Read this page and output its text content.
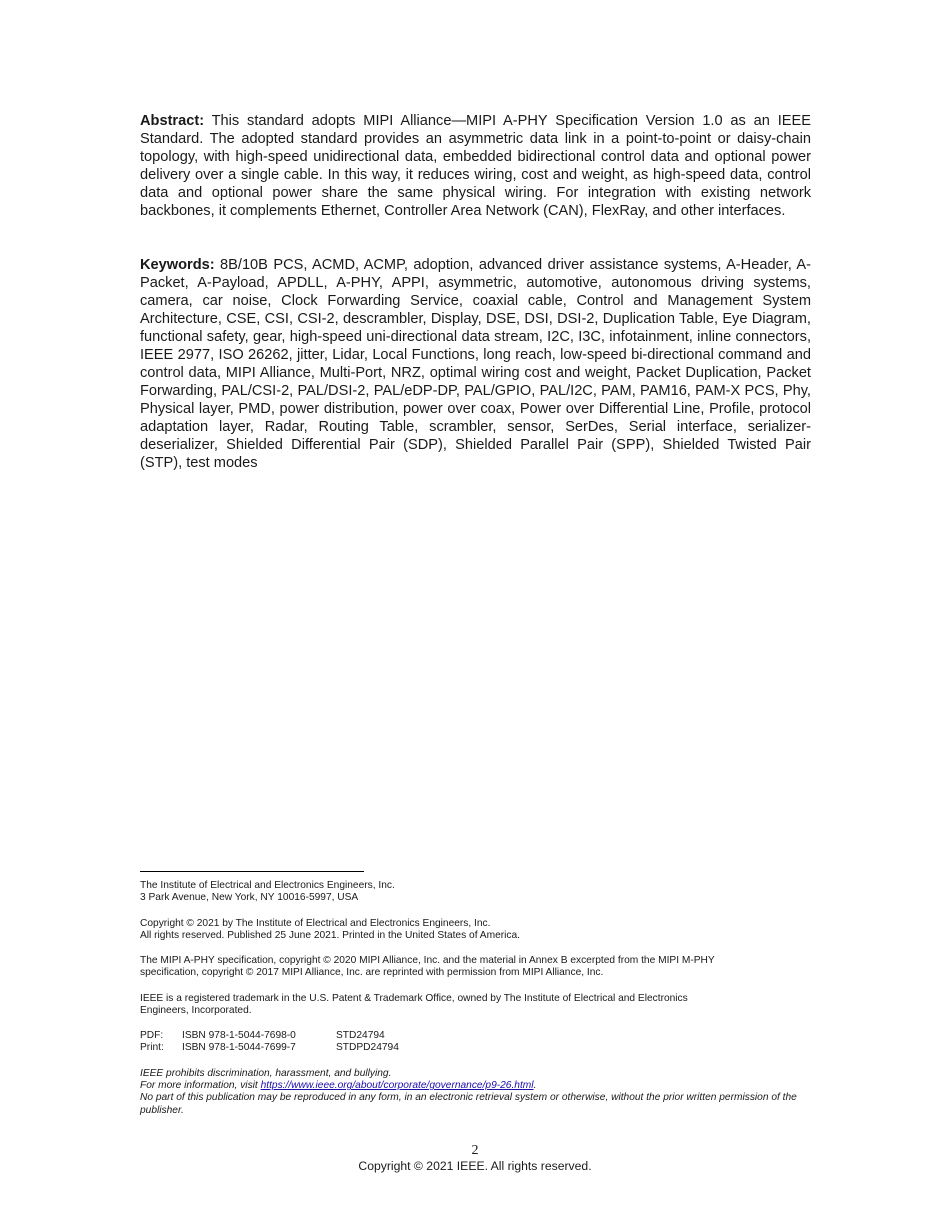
Abstract: This standard adopts MIPI Alliance—MIPI A-PHY Specification Version 1.0 as an IEEE Standard. The adopted standard provides an asymmetric data link in a point-to-point or daisy-chain topology, with high-speed unidirectional data, embedded bidirectional control data and optional power delivery over a single cable. In this way, it reduces wiring, cost and weight, as high-speed data, control data and optional power share the same physical wiring. For integration with existing network backbones, it complements Ethernet, Controller Area Network (CAN), FlexRay, and other interfaces.

Keywords: 8B/10B PCS, ACMD, ACMP, adoption, advanced driver assistance systems, A-Header, A-Packet, A-Payload, APDLL, A-PHY, APPI, asymmetric, automotive, autonomous driving systems, camera, car noise, Clock Forwarding Service, coaxial cable, Control and Management System Architecture, CSE, CSI, CSI-2, descrambler, Display, DSE, DSI, DSI-2, Duplication Table, Eye Diagram, functional safety, gear, high-speed uni-directional data stream, I2C, I3C, infotainment, inline connectors, IEEE 2977, ISO 26262, jitter, Lidar, Local Functions, long reach, low-speed bi-directional command and control data, MIPI Alliance, Multi-Port, NRZ, optimal wiring cost and weight, Packet Duplication, Packet Forwarding, PAL/CSI-2, PAL/DSI-2, PAL/eDP-DP, PAL/GPIO, PAL/I2C, PAM, PAM16, PAM-X PCS, Phy, Physical layer, PMD, power distribution, power over coax, Power over Differential Line, Profile, protocol adaptation layer, Radar, Routing Table, scrambler, sensor, SerDes, Serial interface, serializer-deserializer, Shielded Differential Pair (SDP), Shielded Parallel Pair (SPP), Shielded Twisted Pair (STP), test modes

The Institute of Electrical and Electronics Engineers, Inc.
3 Park Avenue, New York, NY 10016-5997, USA
Copyright © 2021 by The Institute of Electrical and Electronics Engineers, Inc.
All rights reserved. Published 25 June 2021. Printed in the United States of America.
The MIPI A-PHY specification, copyright © 2020 MIPI Alliance, Inc. and the material in Annex B excerpted from the MIPI M-PHY
specification, copyright © 2017 MIPI Alliance, Inc. are reprinted with permission from MIPI Alliance, Inc.
IEEE is a registered trademark in the U.S. Patent & Trademark Office, owned by The Institute of Electrical and Electronics
Engineers, Incorporated.
PDF:	ISBN 978-1-5044-7698-0	STD24794
Print:	ISBN 978-1-5044-7699-7	STDPD24794
IEEE prohibits discrimination, harassment, and bullying.
For more information, visit https://www.ieee.org/about/corporate/governance/p9-26.html.
No part of this publication may be reproduced in any form, in an electronic retrieval system or otherwise, without the prior written permission of the publisher.
2
Copyright © 2021 IEEE. All rights reserved.
